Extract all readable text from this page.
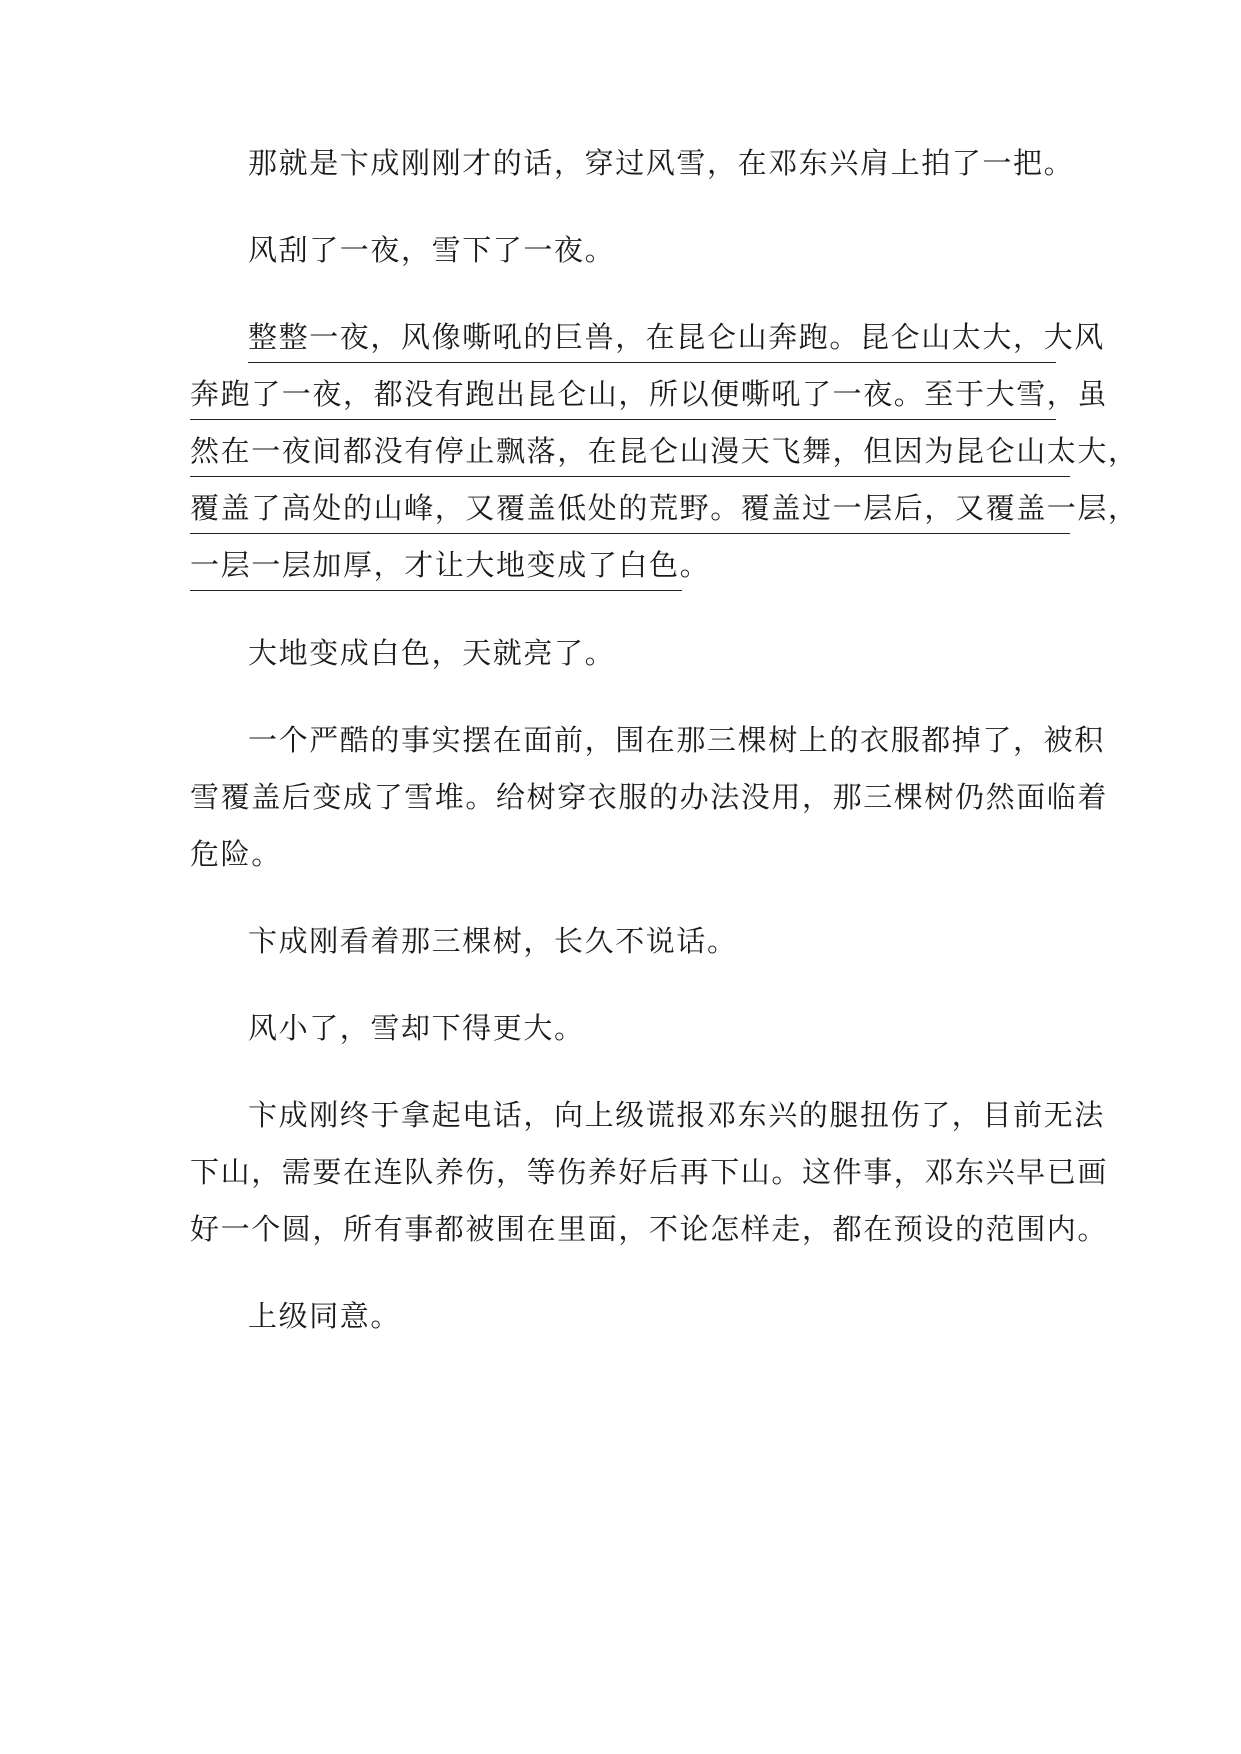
那就是卞成刚刚才的话，穿过风雪，在邓东兴肩上拍了一把。
风刮了一夜，雪下了一夜。
整整一夜，风像嘶吼的巨兽，在昆仑山奔跑。昆仑山太大，大风
奔跑了一夜，都没有跑出昆仑山，所以便嘶吼了一夜。至于大雪，虽
然在一夜间都没有停止飘落，在昆仑山漫天飞舞，但因为昆仑山太大，
覆盖了高处的山峰，又覆盖低处的荒野。覆盖过一层后，又覆盖一层，
一层一层加厚，才让大地变成了白色。
大地变成白色，天就亮了。
一个严酷的事实摆在面前，围在那三棵树上的衣服都掉了，被积
雪覆盖后变成了雪堆。给树穿衣服的办法没用，那三棵树仍然面临着
危险。
卞成刚看着那三棵树，长久不说话。
风小了，雪却下得更大。
卞成刚终于拿起电话，向上级谎报邓东兴的腿扭伤了，目前无法
下山，需要在连队养伤，等伤养好后再下山。这件事，邓东兴早已画
好一个圆，所有事都被围在里面，不论怎样走，都在预设的范围内。
上级同意。
